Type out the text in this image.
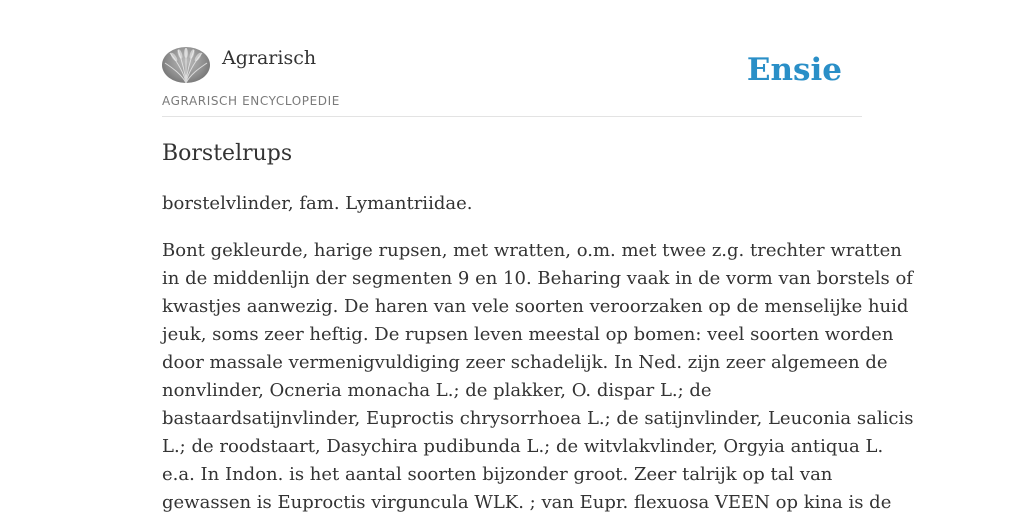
Agrarisch
AGRARISCH ENCYCLOPEDIE
Ensie
Borstelrups

borstelvlinder, fam. Lymantriidae.

Bont gekleurde, harige rupsen, met wratten, o.m. met twee z.g. trechter wratten
in de middenlijn der segmenten 9 en 10. Beharing vaak in de vorm van borstels of
kwastjes aanwezig. De haren van vele soorten veroorzaken op de menselijke huid
jeuk, soms zeer heftig. De rupsen leven meestal op bomen: veel soorten worden
door massale vermenigvuldiging zeer schadelijk. In Ned. zijn zeer algemeen de
nonvlinder, Ocneria monacha L.; de plakker, O. dispar L.; de
bastaardsatijnvlinder, Euproctis chrysorrhoea L.; de satijnvlinder, Leuconia salicis
L.; de roodstaart, Dasychira pudibunda L.; de witvlakvlinder, Orgyia antiqua L.
e.a. In Indon. is het aantal soorten bijzonder groot. Zeer talrijk op tal van
gewassen is Euproctis virguncula WLK. ; van Eupr. flexuosa VEEN op kina is de
